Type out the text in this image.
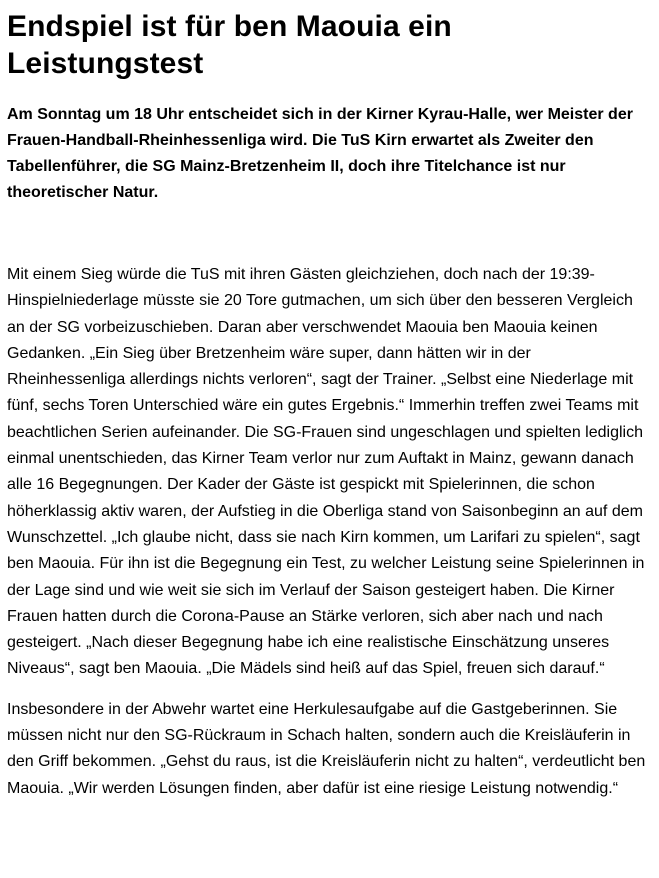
Endspiel ist für ben Maouia ein Leistungstest

Am Sonntag um 18 Uhr entscheidet sich in der Kirner Kyrau-Halle, wer Meister der Frauen-Handball-Rheinhessenliga wird. Die TuS Kirn erwartet als Zweiter den Tabellenführer, die SG Mainz-Bretzenheim II, doch ihre Titelchance ist nur theoretischer Natur.

Mit einem Sieg würde die TuS mit ihren Gästen gleichziehen, doch nach der 19:39-Hinspielniederlage müsste sie 20 Tore gutmachen, um sich über den besseren Vergleich an der SG vorbeizuschieben. Daran aber verschwendet Maouia ben Maouia keinen Gedanken. „Ein Sieg über Bretzenheim wäre super, dann hätten wir in der Rheinhessenliga allerdings nichts verloren“, sagt der Trainer. „Selbst eine Niederlage mit fünf, sechs Toren Unterschied wäre ein gutes Ergebnis.“ Immerhin treffen zwei Teams mit beachtlichen Serien aufeinander. Die SG-Frauen sind ungeschlagen und spielten lediglich einmal unentschieden, das Kirner Team verlor nur zum Auftakt in Mainz, gewann danach alle 16 Begegnungen. Der Kader der Gäste ist gespickt mit Spielerinnen, die schon höherklassig aktiv waren, der Aufstieg in die Oberliga stand von Saisonbeginn an auf dem Wunschzettel. „Ich glaube nicht, dass sie nach Kirn kommen, um Larifari zu spielen“, sagt ben Maouia. Für ihn ist die Begegnung ein Test, zu welcher Leistung seine Spielerinnen in der Lage sind und wie weit sie sich im Verlauf der Saison gesteigert haben. Die Kirner Frauen hatten durch die Corona-Pause an Stärke verloren, sich aber nach und nach gesteigert. „Nach dieser Begegnung habe ich eine realistische Einschätzung unseres Niveaus“, sagt ben Maouia. „Die Mädels sind heiß auf das Spiel, freuen sich darauf.“

Insbesondere in der Abwehr wartet eine Herkulesaufgabe auf die Gastgeberinnen. Sie müssen nicht nur den SG-Rückraum in Schach halten, sondern auch die Kreisläuferin in den Griff bekommen. „Gehst du raus, ist die Kreisläuferin nicht zu halten“, verdeutlicht ben Maouia. „Wir werden Lösungen finden, aber dafür ist eine riesige Leistung notwendig.“
